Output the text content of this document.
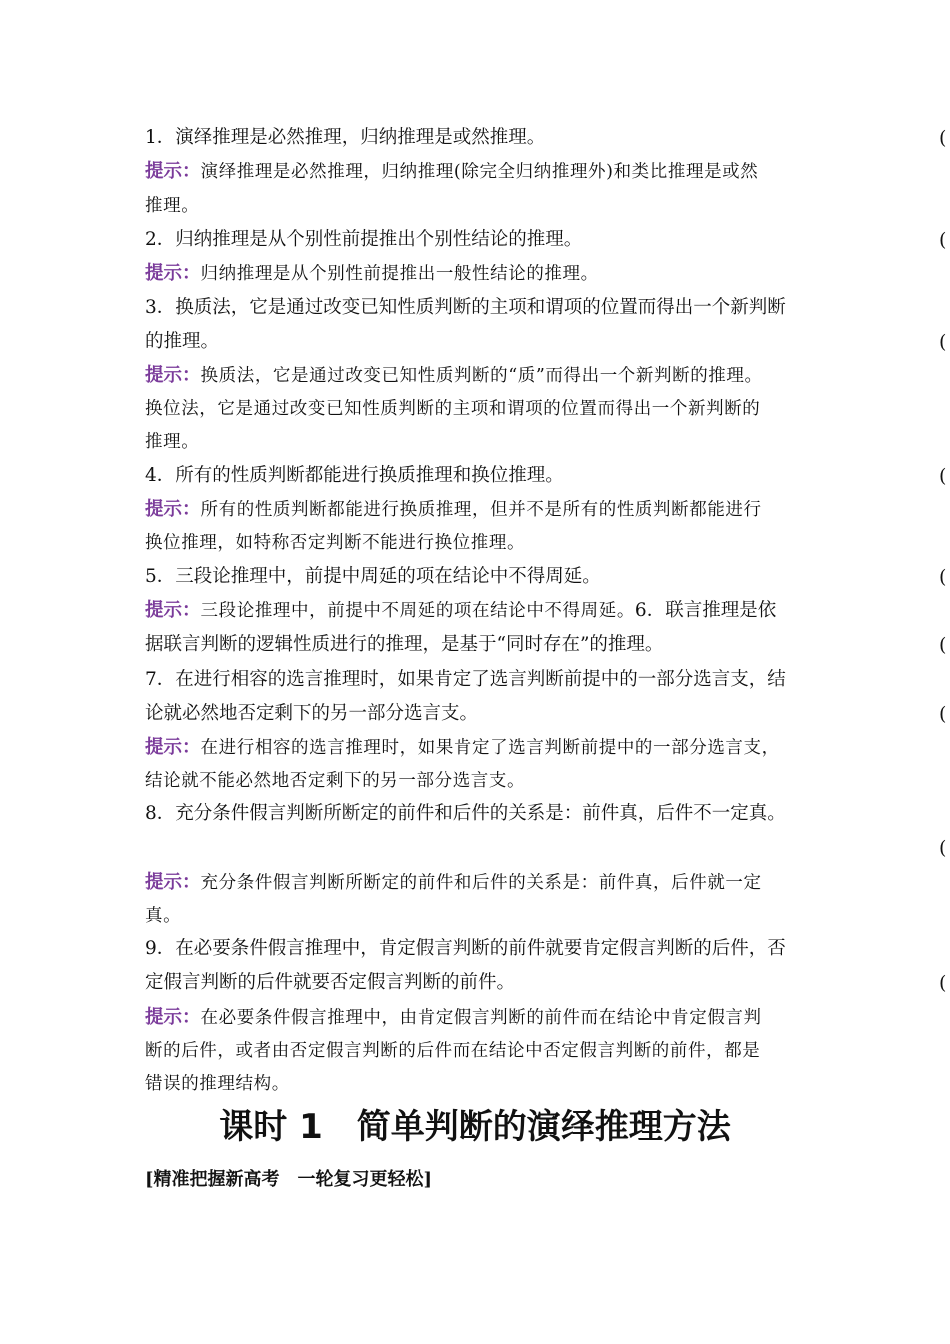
1．演绎推理是必然推理，归纳推理是或然推理。	(
提示：演绎推理是必然推理，归纳推理(除完全归纳推理外)和类比推理是或然
推理。
2．归纳推理是从个别性前提推出个别性结论的推理。	(
提示：归纳推理是从个别性前提推出一般性结论的推理。
3．换质法，它是通过改变已知性质判断的主项和谓项的位置而得出一个新判断
的推理。	(
提示：换质法，它是通过改变已知性质判断的“质”而得出一个新判断的推理。
换位法，它是通过改变已知性质判断的主项和谓项的位置而得出一个新判断的
推理。
4．所有的性质判断都能进行换质推理和换位推理。	(
提示：所有的性质判断都能进行换质推理，但并不是所有的性质判断都能进行
换位推理，如特称否定判断不能进行换位推理。
5．三段论推理中，前提中周延的项在结论中不得周延。	(
提示：三段论推理中，前提中不周延的项在结论中不得周延。6．联言推理是依
据联言判断的逻辑性质进行的推理，是基于“同时存在”的推理。	(
7．在进行相容的选言推理时，如果肯定了选言判断前提中的一部分选言支，结
论就必然地否定剩下的另一部分选言支。	(
提示：在进行相容的选言推理时，如果肯定了选言判断前提中的一部分选言支，
结论就不能必然地否定剩下的另一部分选言支。
8．充分条件假言判断所断定的前件和后件的关系是：前件真，后件不一定真。
(
提示：充分条件假言判断所断定的前件和后件的关系是：前件真，后件就一定
真。
9．在必要条件假言推理中，肯定假言判断的前件就要肯定假言判断的后件，否
定假言判断的后件就要否定假言判断的前件。	(
提示：在必要条件假言推理中，由肯定假言判断的前件而在结论中肯定假言判
断的后件，或者由否定假言判断的后件而在结论中否定假言判断的前件，都是
错误的推理结构。
课时 1　简单判断的演绎推理方法
[精准把握新高考　一轮复习更轻松]
